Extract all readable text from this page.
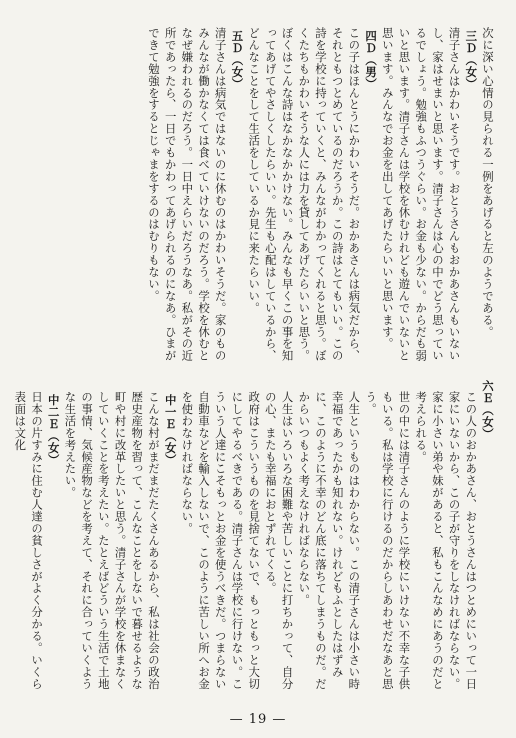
次に深い心情の見られる一例をあげると左のようである。
三Ｄ（女）
清子さんはかわいそうです。おとうさんもおかあさんもいないし、家はせまいと思います。清子さんは心の中でどう思っているでしょう。勉強もふつうぐらい。お金も少ない。からだも弱いと思います。清子さんは学校を休むけれども遊んでいないと思います。みんなでお金を出してあげたらいいと思います。
四Ｄ（男）
この子はほんとうにかわいそうだ。おかあさんは病気だから、それともつとめているのだろうか。この詩はとてもいい。この詩を学校に持っていくと、みんながわかってくれると思う。ぼくたちもかわいそうな人には力を貸してあげたらいいと思う。ぼくはこんな詩はなかなかかけない。みんなも早くこの事を知ってあげてやさしくしたらいい。先生も心配はしているから、どんなことをして生活をしているか見に来たらいい。
五Ｄ（女）
清子さんは病気ではないのに休むのはかわいそうだ。家のものみんなが働かなくては食べていけないのだろう。学校を休むとなぜ嫌われるのだろう。一日中えらいだろうなあ。私がその近所であったら、一日でもかわってあげられるのになあ。ひまができて勉強をするとじゃまをするのはむりもない。
六Ｅ（女）
この人のおかあさん、おとうさんはつとめにいって一日家にいないから、この子が守りをしなければならない。家に小さい弟や妹があると、私もこんなめにあうのだと考えられる。
世の中には清子さんのように学校にいけない不幸な子供もいる。私は学校に行けるのだからしあわせだなあと思う。
人生というものはわからない。この清子さんは小さい時幸福であったかも知れない。けれどもふとしたはずみに、このように不幸のどん底に落ちてしまうものだ。だからいつもよく考えなければならない。
人生はいろいろな困難や苦しいことに打ちかって、自分の心、またも幸福におとずれてくる。
政府はこういうものを見捨てないで、もっともっと大切にしてやるべきである。清子さんは学校に行けない。こういう人達にこそもっとお金を使うべきだ。つまらない自動車などを輸入しないで、このように苦しい所へお金を使わなければならない。
中一Ｅ（女）
こんな村がまだまだたくさんあるから、私は社会の政治歴史産物を習って、こんなことをしないで暮せるような町や村に改革したいと思う。清子さんが学校を休まなくしていくことを考えたい。たとえばどういう生活で土地の事情、気候産物などを考えて、それに合っていくような生活を考えたい。
中二Ｅ（女）
日本の片すみに住む人達の貧しさがよく分かる。いくら表面は文化
— 19 —
